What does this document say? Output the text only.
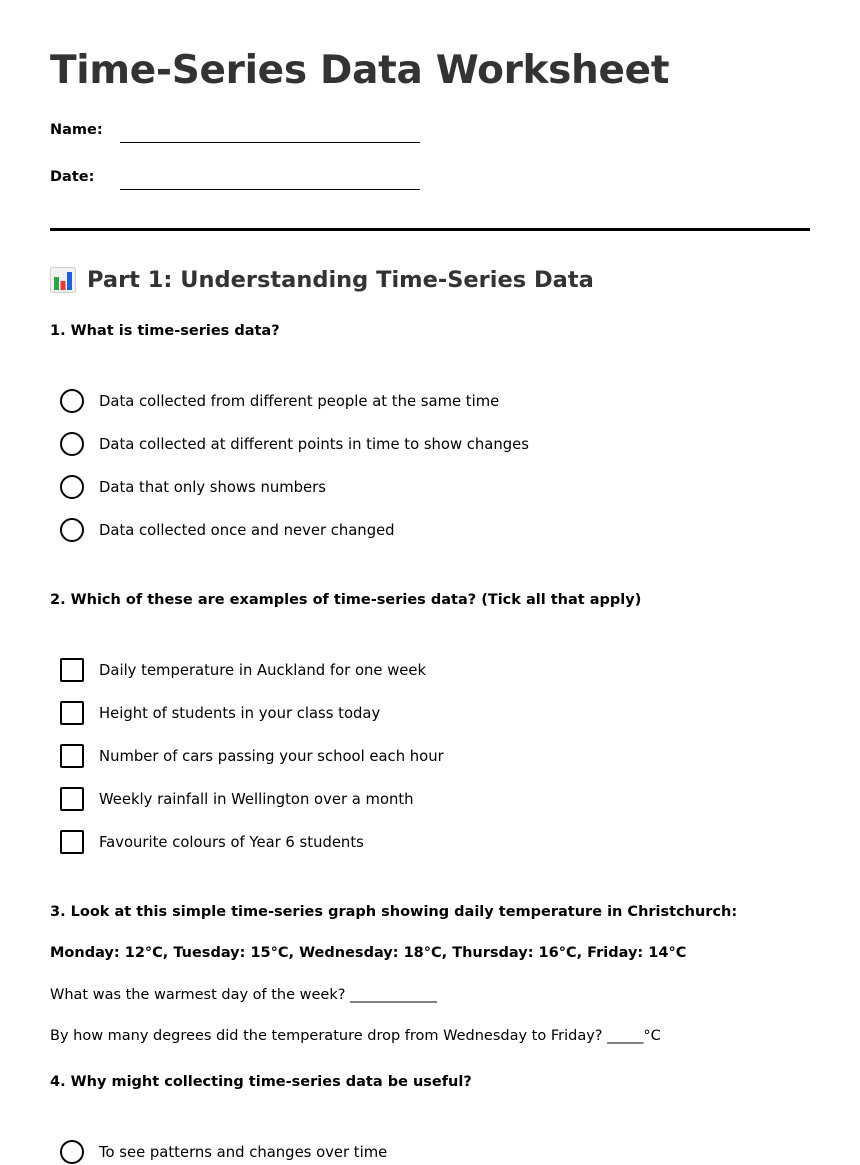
Time-Series Data Worksheet
Name:
Date:
Part 1: Understanding Time-Series Data
1. What is time-series data?
Data collected from different people at the same time
Data collected at different points in time to show changes
Data that only shows numbers
Data collected once and never changed
2. Which of these are examples of time-series data? (Tick all that apply)
Daily temperature in Auckland for one week
Height of students in your class today
Number of cars passing your school each hour
Weekly rainfall in Wellington over a month
Favourite colours of Year 6 students
3. Look at this simple time-series graph showing daily temperature in Christchurch:
Monday: 12°C, Tuesday: 15°C, Wednesday: 18°C, Thursday: 16°C, Friday: 14°C
What was the warmest day of the week? ____________
By how many degrees did the temperature drop from Wednesday to Friday? _____°C
4. Why might collecting time-series data be useful?
To see patterns and changes over time
